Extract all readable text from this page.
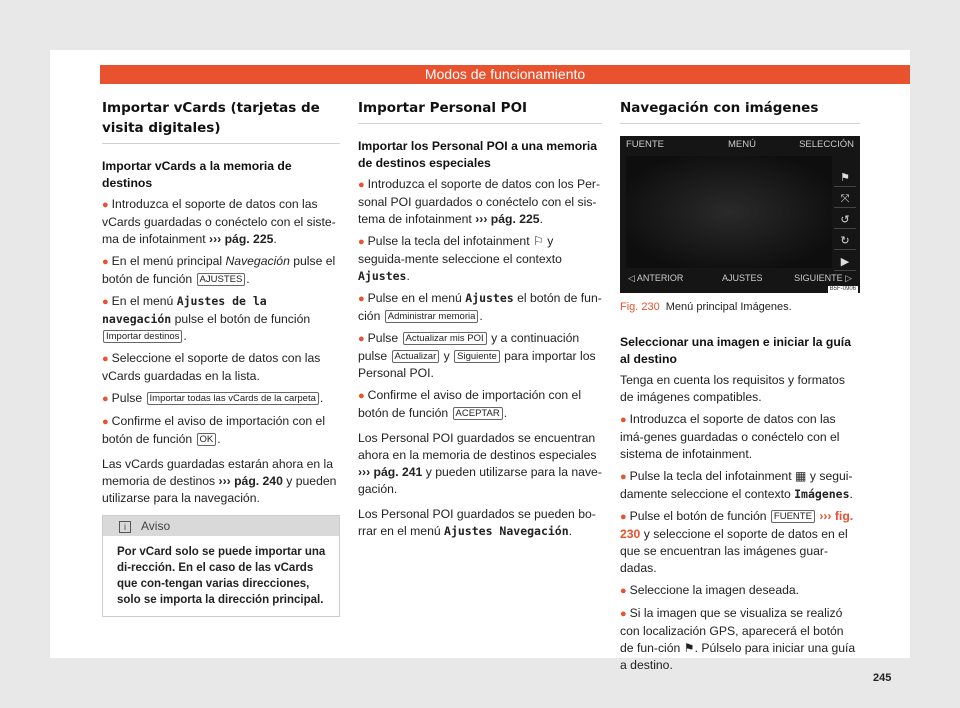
Modos de funcionamiento
Importar vCards (tarjetas de visita digitales)
Importar vCards a la memoria de destinos

● Introduzca el soporte de datos con las vCards guardadas o conéctelo con el siste-ma de infotainment ››› pág. 225.

● En el menú principal Navegación pulse el botón de función AJUSTES .

● En el menú Ajustes de la navegación pulse el botón de función Importar destinos .

● Seleccione el soporte de datos con las vCards guardadas en la lista.

● Pulse Importar todas las vCards de la carpeta .

● Confirme el aviso de importación con el botón de función OK .

Las vCards guardadas estarán ahora en la memoria de destinos ››› pág. 240 y pueden utilizarse para la navegación.

i Aviso
Por vCard solo se puede importar una di-rección. En el caso de las vCards que con-tengan varias direcciones, solo se importa la dirección principal.
Importar Personal POI
Importar los Personal POI a una memoria de destinos especiales

● Introduzca el soporte de datos con los Per-sonal POI guardados o conéctelo con el sis-tema de infotainment ››› pág. 225.

● Pulse la tecla del infotainment ⚐ y seguida-mente seleccione el contexto Ajustes.

● Pulse en el menú Ajustes el botón de fun-ción Administrar memoria .

● Pulse Actualizar mis POI y a continuación pulse Actualizar y Siguiente para importar los Personal POI.

● Confirme el aviso de importación con el botón de función ACEPTAR .

Los Personal POI guardados se encuentran ahora en la memoria de destinos especiales ››› pág. 241 y pueden utilizarse para la nave-gación.

Los Personal POI guardados se pueden bo-rrar en el menú Ajustes Navegación.

Navegación con imágenes
FUENTE	MENÚ	SELECCIÓN
⚑
⤧
↺
↻
▶
◁ ANTERIOR	AJUSTES	SIGUIENTE ▷
B5F-0906
Fig. 230 Menú principal Imágenes.
Seleccionar una imagen e iniciar la guía al destino

Tenga en cuenta los requisitos y formatos de imágenes compatibles.

● Introduzca el soporte de datos con las imá-genes guardadas o conéctelo con el sistema de infotainment.

● Pulse la tecla del infotainment ▦ y segui-damente seleccione el contexto Imágenes.

● Pulse el botón de función FUENTE ››› fig. 230 y seleccione el soporte de datos en el que se encuentran las imágenes guar-dadas.

● Seleccione la imagen deseada.

● Si la imagen que se visualiza se realizó con localización GPS, aparecerá el botón de fun-ción ⚑. Púlselo para iniciar una guía a destino.

245
